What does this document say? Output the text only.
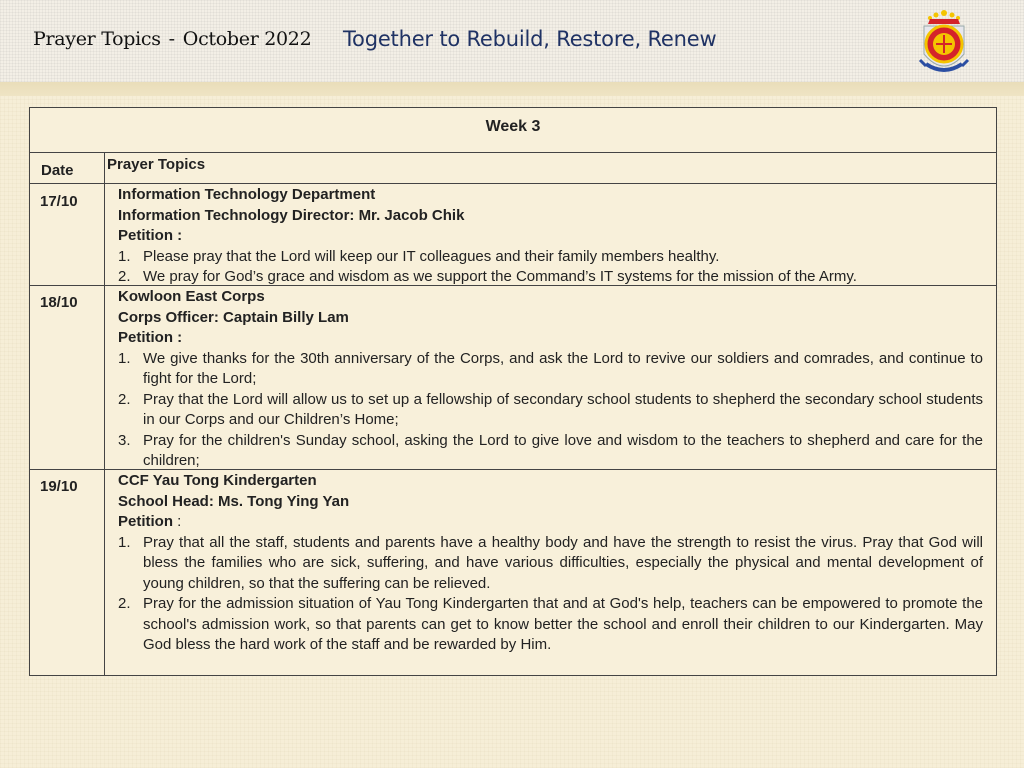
Prayer Topics - October 2022 Together to Rebuild, Restore, Renew
Week 3
Date Prayer Topics
17/10	Information Technology Department
Information Technology Director: Mr. Jacob Chik
Petition :
1. Please pray that the Lord will keep our IT colleagues and their family members healthy.
2. We pray for God’s grace and wisdom as we support the Command’s IT systems for the mission of the Army.
18/10	Kowloon East Corps
Corps Officer: Captain Billy Lam
Petition :
1. We give thanks for the 30th anniversary of the Corps, and ask the Lord to revive our soldiers and comrades, and continue to fight for the Lord;
2. Pray that the Lord will allow us to set up a fellowship of secondary school students to shepherd the secondary school students in our Corps and our Children’s Home;
3. Pray for the children's Sunday school, asking the Lord to give love and wisdom to the teachers to shepherd and care for the children;
19/10	CCF Yau Tong Kindergarten
School Head: Ms. Tong Ying Yan
Petition :
1. Pray that all the staff, students and parents have a healthy body and have the strength to resist the virus. Pray that God will bless the families who are sick, suffering, and have various difficulties, especially the physical and mental development of young children, so that the suffering can be relieved.
2. Pray for the admission situation of Yau Tong Kindergarten that and at God's help, teachers can be empowered to promote the school's admission work, so that parents can get to know better the school and enroll their children to our Kindergarten. May God bless the hard work of the staff and be rewarded by Him.
